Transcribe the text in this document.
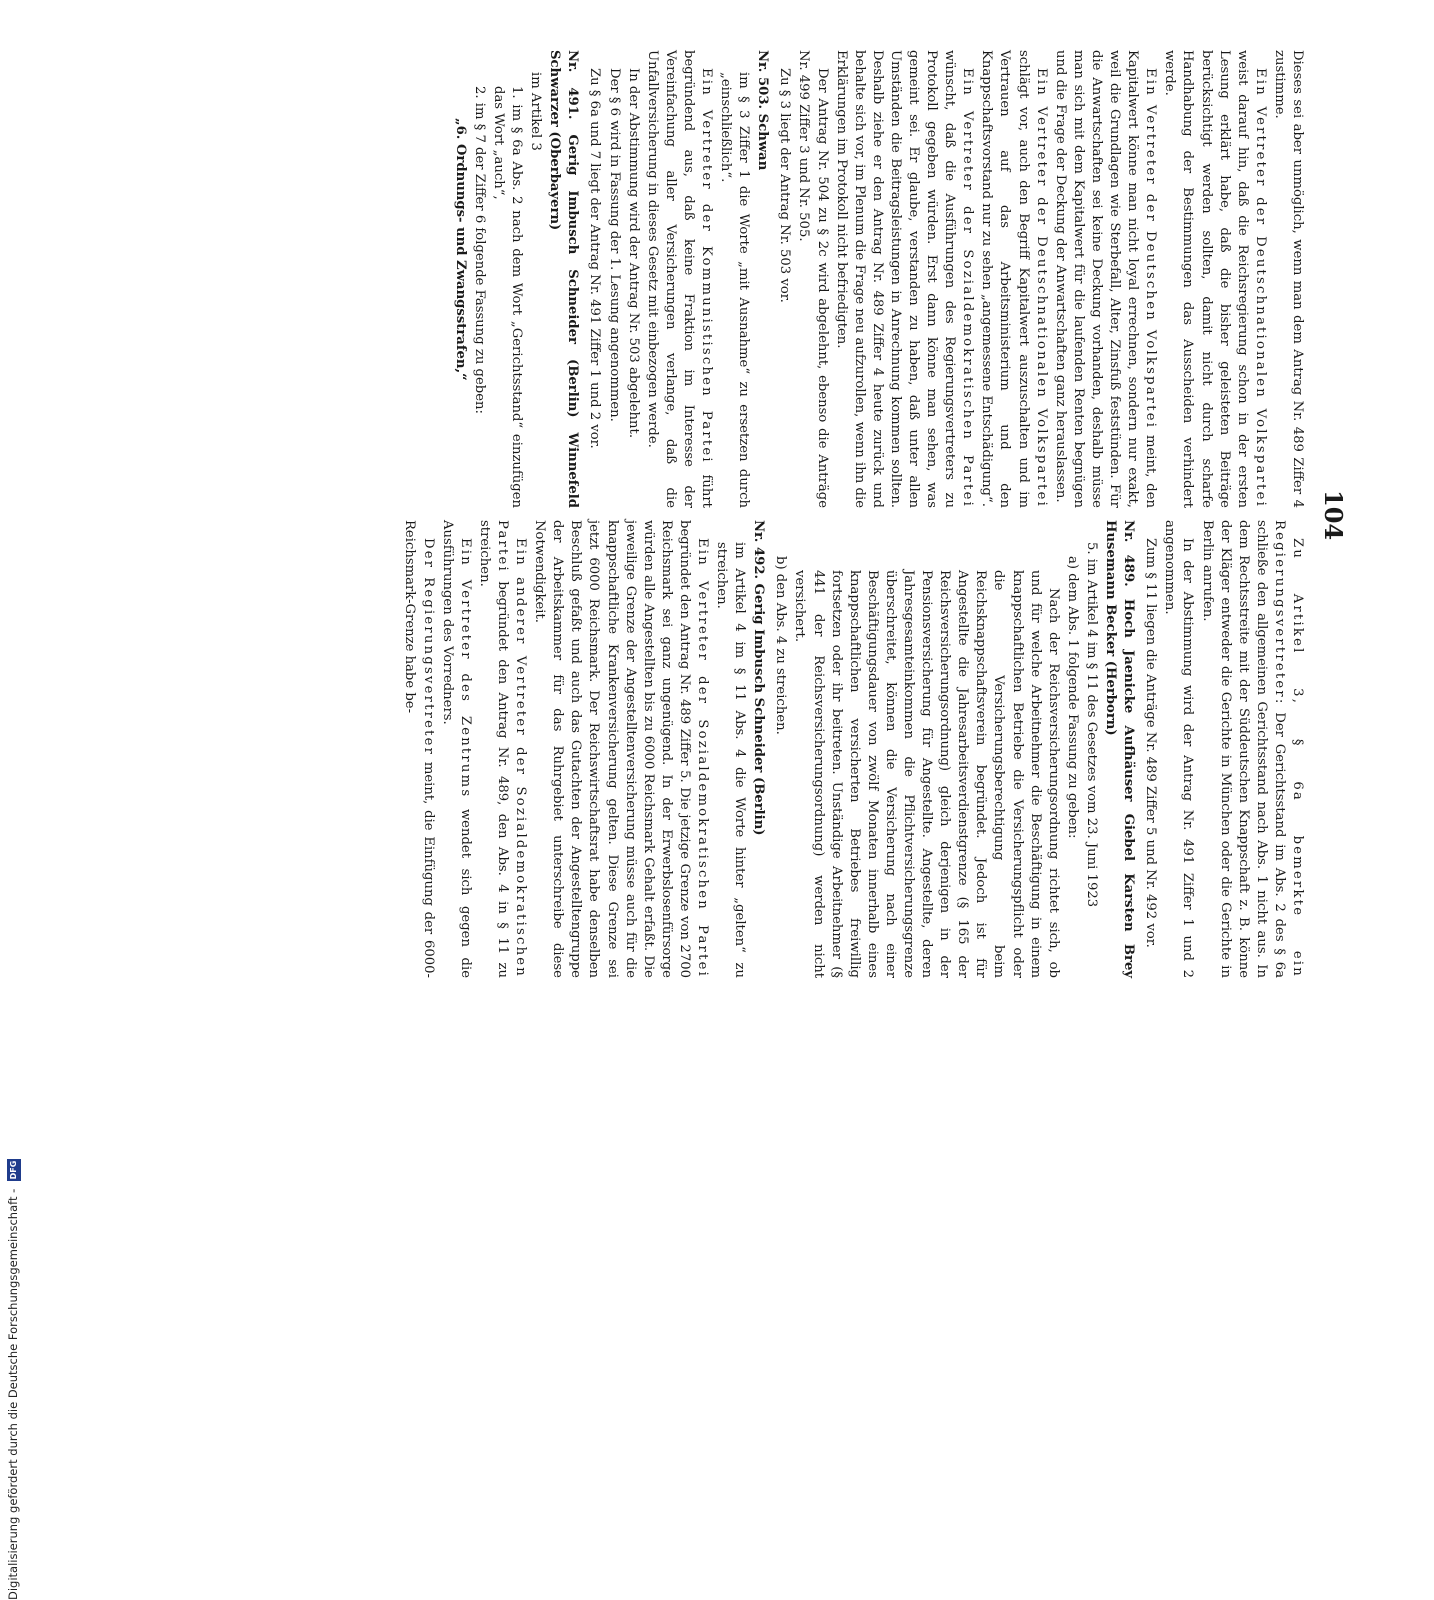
104

Dieses sei aber unmöglich, wenn man dem Antrag Nr. 489 Ziffer 4 zustimme.

Ein Vertreter der Deutschnationalen Volkspartei weist darauf hin, daß die Reichsregierung schon in der ersten Lesung erklärt habe, daß die bisher geleisteten Beiträge berücksichtigt werden sollten, damit nicht durch scharfe Handhabung der Bestimmungen das Ausscheiden verhindert werde.

Ein Vertreter der Deutschen Volkspartei meint, den Kapitalwert könne man nicht loyal errechnen, sondern nur exakt, weil die Grundlagen wie Sterbefall, Alter, Zinsfuß feststünden. Für die Anwartschaften sei keine Deckung vorhanden, deshalb müsse man sich mit dem Kapitalwert für die laufenden Renten begnügen und die Frage der Deckung der Anwartschaften ganz herauslassen.

Ein Vertreter der Deutschnationalen Volkspartei schlägt vor, auch den Begriff Kapitalwert auszuschalten und im Vertrauen auf das Arbeitsministerium und den Knappschaftsvorstand nur zu sehen „angemessene Entschädigung“.

Ein Vertreter der Sozialdemokratischen Partei wünscht, daß die Ausführungen des Regierungsvertreters zu Protokoll gegeben würden. Erst dann könne man sehen, was gemeint sei. Er glaube, verstanden zu haben, daß unter allen Umständen die Beitragsleistungen in Anrechnung kommen sollten. Deshalb ziehe er den Antrag Nr. 489 Ziffer 4 heute zurück und behalte sich vor, im Plenum die Frage neu aufzurollen, wenn ihn die Erklärungen im Protokoll nicht befriedigten.

Der Antrag Nr. 504 zu § 2c wird abgelehnt, ebenso die Anträge Nr. 499 Ziffer 3 und Nr. 505.

Zu § 3 liegt der Antrag Nr. 503 vor.

Nr. 503. Schwan

im § 3 Ziffer 1 die Worte „mit Ausnahme“ zu ersetzen durch „einschließlich“.

Ein Vertreter der Kommunistischen Partei führt begründend aus, daß keine Fraktion im Interesse der Vereinfachung aller Versicherungen verlange, daß die Unfallversicherung in dieses Gesetz mit einbezogen werde.

In der Abstimmung wird der Antrag Nr. 503 abgelehnt.

Der § 6 wird in Fassung der 1. Lesung angenommen.

Zu § 6a und 7 liegt der Antrag Nr. 491 Ziffer 1 und 2 vor.

Nr. 491. Gerig Imbusch Schneider (Berlin) Winnefeld Schwarzer (Oberbayern)

im Artikel 3

1. im § 6a Abs. 2 nach dem Wort „Gerichtsstand“ einzufügen das Wort „auch“,

2. im § 7 der Ziffer 6 folgende Fassung zu geben:

„6. Ordnungs- und Zwangsstrafen,“

Zu Artikel 3, § 6a bemerkte ein Regierungsvertreter: Der Gerichtsstand im Abs. 2 des § 6a schließe den allgemeinen Gerichtsstand nach Abs. 1 nicht aus. In dem Rechtsstreite mit der Süddeutschen Knappschaft z. B. könne der Kläger entweder die Gerichte in München oder die Gerichte in Berlin anrufen.

In der Abstimmung wird der Antrag Nr. 491 Ziffer 1 und 2 angenommen.

Zum § 11 liegen die Anträge Nr. 489 Ziffer 5 und Nr. 492 vor.

Nr. 489. Hoch Jaenicke Aufhäuser Giebel Karsten Brey Husemann Becker (Herborn)

5. im Artikel 4 im § 11 des Gesetzes vom 23. Juni 1923

a) dem Abs. 1 folgende Fassung zu geben:

Nach der Reichsversicherungsordnung richtet sich, ob und für welche Arbeitnehmer die Beschäftigung in einem knappschaftlichen Betriebe die Versicherungspflicht oder die Versicherungsberechtigung beim Reichsknappschaftsverein begründet. Jedoch ist für Angestellte die Jahresarbeitsverdienstgrenze (§ 165 der Reichsversicherungsordnung) gleich derjenigen in der Pensionsversicherung für Angestellte. Angestellte, deren Jahresgesamteinkommen die Pflichtversicherungsgrenze überschreitet, können die Versicherung nach einer Beschäftigungsdauer von zwölf Monaten innerhalb eines knappschaftlichen versicherten Betriebes freiwillig fortsetzen oder ihr beitreten. Unständige Arbeitnehmer (§ 441 der Reichsversicherungsordnung) werden nicht versichert.

b) den Abs. 4 zu streichen.

Nr. 492. Gerig Imbusch Schneider (Berlin)

im Artikel 4 im § 11 Abs. 4 die Worte hinter „gelten“ zu streichen.

Ein Vertreter der Sozialdemokratischen Partei begründet den Antrag Nr. 489 Ziffer 5. Die jetzige Grenze von 2700 Reichsmark sei ganz ungenügend. In der Erwerbslosenfürsorge würden alle Angestellten bis zu 6000 Reichsmark Gehalt erfaßt. Die jeweilige Grenze der Angestelltenversicherung müsse auch für die knappschaftliche Krankenversicherung gelten. Diese Grenze sei jetzt 6000 Reichsmark. Der Reichswirtschaftsrat habe denselben Beschluß gefaßt und auch das Gutachten der Angestelltengruppe der Arbeitskammer für das Ruhrgebiet unterschreibe diese Notwendigkeit.

Ein anderer Vertreter der Sozialdemokratischen Partei begründet den Antrag Nr. 489, den Abs. 4 in § 11 zu streichen.

Ein Vertreter des Zentrums wendet sich gegen die Ausführungen des Vorredners.

Der Regierungsvertreter meint, die Einfügung der 6000-Reichsmark-Grenze habe be-

Digitalisierung gefördert durch die Deutsche Forschungsgemeinschaft - DFG
